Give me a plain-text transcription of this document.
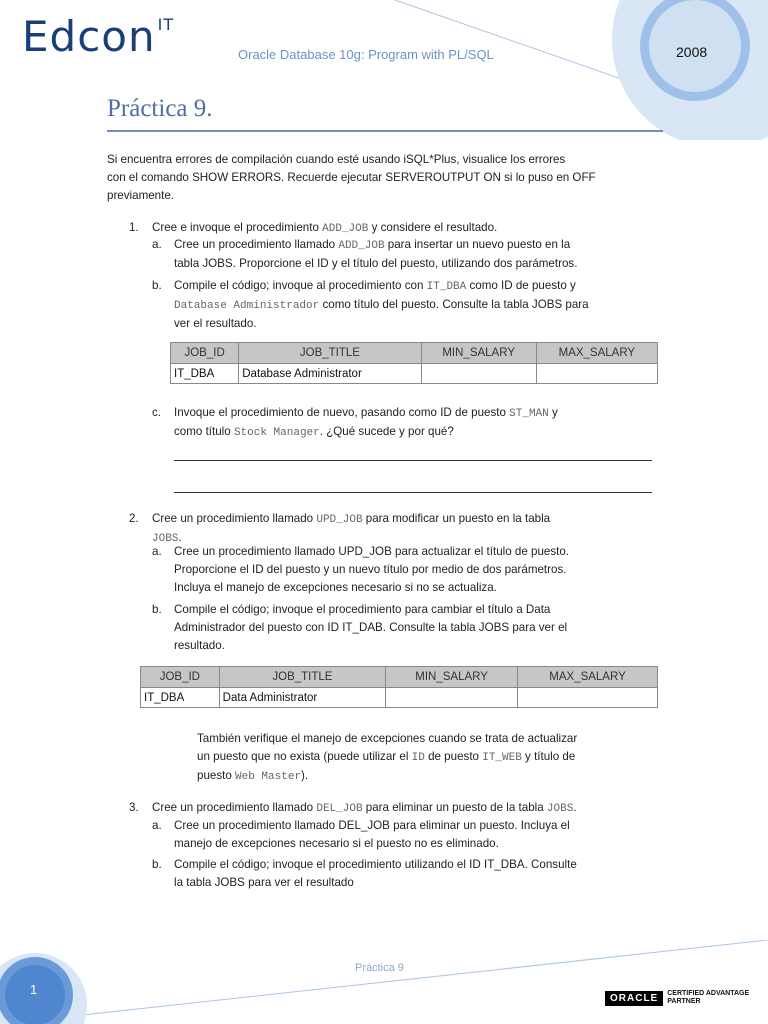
Edcon $^{IT}$
Oracle Database 10g: Program with PL/SQL	2008
Práctica 9.
Si encuentra errores de compilación cuando esté usando iSQL*Plus, visualice los errores
con el comando SHOW ERRORS. Recuerde ejecutar SERVEROUTPUT ON si lo puso en OFF
previamente.
1. Cree e invoque el procedimiento ADD_JOB y considere el resultado.
a. Cree un procedimiento llamado ADD_JOB para insertar un nuevo puesto en la
tabla JOBS. Proporcione el ID y el título del puesto, utilizando dos parámetros.
b. Compile el código; invoque al procedimiento con IT_DBA como ID de puesto y
Database Administrador como título del puesto. Consulte la tabla JOBS para
ver el resultado.
JOB_ID	JOB_TITLE	MIN_SALARY	MAX_SALARY
IT_DBA	Database Administrator		
c. Invoque el procedimiento de nuevo, pasando como ID de puesto ST_MAN y
como título Stock Manager. ¿Qué sucede y por qué?
2. Cree un procedimiento llamado UPD_JOB para modificar un puesto en la tabla
JOBS.
a. Cree un procedimiento llamado UPD_JOB para actualizar el título de puesto.
Proporcione el ID del puesto y un nuevo título por medio de dos parámetros.
Incluya el manejo de excepciones necesario si no se actualiza.
b. Compile el código; invoque el procedimiento para cambiar el título a Data
Administrador del puesto con ID IT_DAB. Consulte la tabla JOBS para ver el
resultado.
JOB_ID	JOB_TITLE	MIN_SALARY	MAX_SALARY
IT_DBA	Data Administrator		
También verifique el manejo de excepciones cuando se trata de actualizar
un puesto que no exista (puede utilizar el ID de puesto IT_WEB y título de
puesto Web Master).
3. Cree un procedimiento llamado DEL_JOB para eliminar un puesto de la tabla JOBS.
a. Cree un procedimiento llamado DEL_JOB para eliminar un puesto. Incluya el
manejo de excepciones necesario si el puesto no es eliminado.
b. Compile el código; invoque el procedimiento utilizando el ID IT_DBA. Consulte
la tabla JOBS para ver el resultado
Práctica 9
1
ORACLE	CERTIFIED ADVANTAGE
PARTNER
